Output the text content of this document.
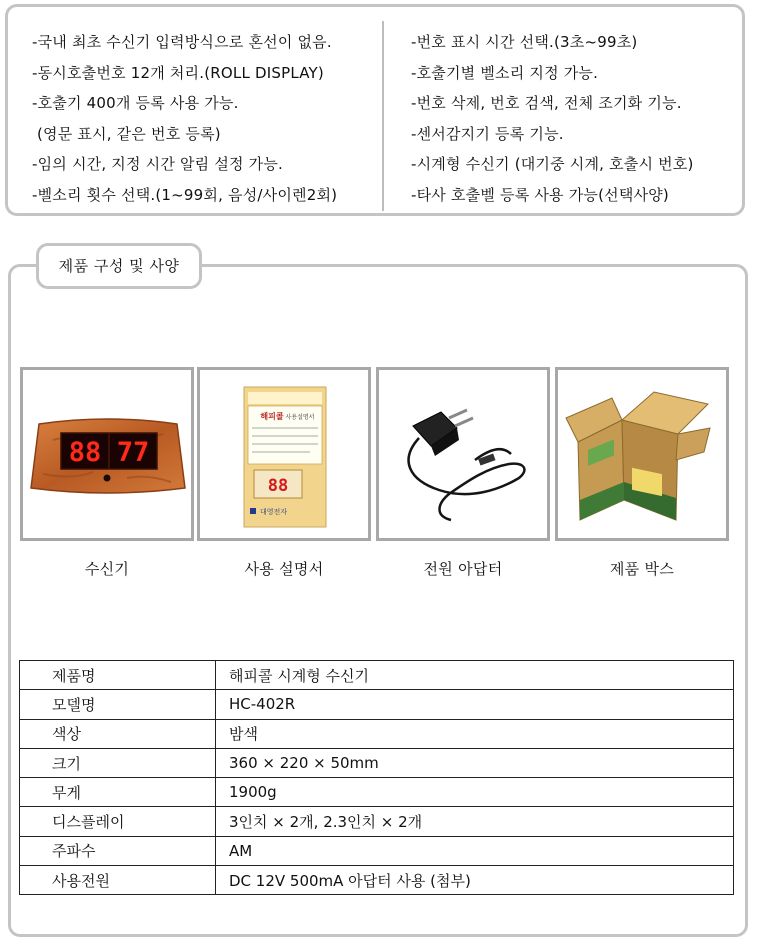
-국내 최초 수신기 입력방식으로 혼선이 없음.
-동시호출번호 12개 처리.(ROLL DISPLAY)
-호출기 400개 등록 사용 가능.
(영문 표시, 같은 번호 등록)
-임의 시간, 지정 시간 알림 설정 가능.
-벨소리 횟수 선택.(1~99회, 음성/사이렌2회)
-번호 표시 시간 선택.(3초~99초)
-호출기별 벨소리 지정 가능.
-번호 삭제, 번호 검색, 전체 조기화 기능.
-센서감지기 등록 기능.
-시계형 수신기 (대기중 시계, 호출시 번호)
-타사 호출벨 등록 사용 가능(선택사양)
제품 구성 및 사양
88 77
해피콜 사용설명서
88
대영전자
수신기	사용 설명서	전원 아답터	제품 박스
제품명	해피콜 시계형 수신기
모델명	HC-402R
색상	밤색
크기	360 × 220 × 50mm
무게	1900g
디스플레이	3인치 × 2개, 2.3인치 × 2개
주파수	AM
사용전원	DC 12V 500mA 아답터 사용 (첨부)
